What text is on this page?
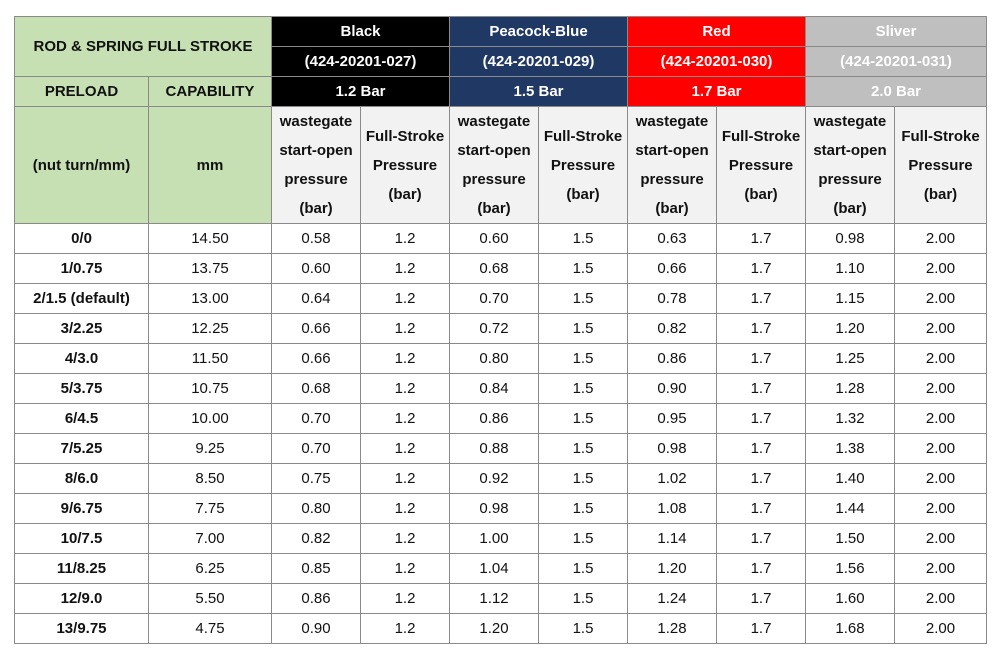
ROD & SPRING FULL STROKE		Black		Peacock-Blue		Red		Sliver	
		(424-20201-027)		(424-20201-029)		(424-20201-030)		(424-20201-031)	
PRELOAD	CAPABILITY	1.2 Bar		1.5 Bar		1.7 Bar		2.0 Bar	
(nut turn/mm)	mm	wastegate
start-open
pressure
(bar)	Full-Stroke
Pressure
(bar)	wastegate
start-open
pressure
(bar)	Full-Stroke
Pressure
(bar)	wastegate
start-open
pressure
(bar)	Full-Stroke
Pressure
(bar)	wastegate
start-open
pressure
(bar)	Full-Stroke
Pressure
(bar)

0/0	14.50	0.58	1.2	0.60	1.5	0.63	1.7	0.98	2.00
1/0.75	13.75	0.60	1.2	0.68	1.5	0.66	1.7	1.10	2.00
2/1.5 (default)	13.00	0.64	1.2	0.70	1.5	0.78	1.7	1.15	2.00
3/2.25	12.25	0.66	1.2	0.72	1.5	0.82	1.7	1.20	2.00
4/3.0	11.50	0.66	1.2	0.80	1.5	0.86	1.7	1.25	2.00
5/3.75	10.75	0.68	1.2	0.84	1.5	0.90	1.7	1.28	2.00
6/4.5	10.00	0.70	1.2	0.86	1.5	0.95	1.7	1.32	2.00
7/5.25	9.25	0.70	1.2	0.88	1.5	0.98	1.7	1.38	2.00
8/6.0	8.50	0.75	1.2	0.92	1.5	1.02	1.7	1.40	2.00
9/6.75	7.75	0.80	1.2	0.98	1.5	1.08	1.7	1.44	2.00
10/7.5	7.00	0.82	1.2	1.00	1.5	1.14	1.7	1.50	2.00
11/8.25	6.25	0.85	1.2	1.04	1.5	1.20	1.7	1.56	2.00
12/9.0	5.50	0.86	1.2	1.12	1.5	1.24	1.7	1.60	2.00
13/9.75	4.75	0.90	1.2	1.20	1.5	1.28	1.7	1.68	2.00
